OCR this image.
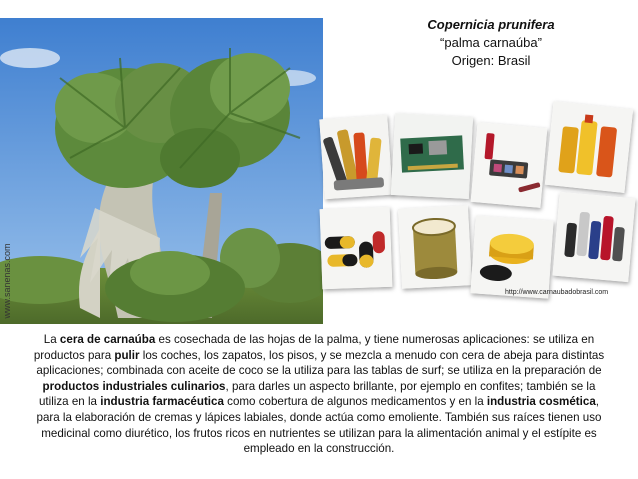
www.sanenas.com
Copernicia prunifera
“palma carnaúba”
Origen: Brasil
http://www.carnaubadobrasil.com
La cera de carnaúba es cosechada de las hojas de la palma, y tiene numerosas aplicaciones: se utiliza en productos para pulir los coches, los zapatos, los pisos, y se mezcla a menudo con cera de abeja para distintas aplicaciones; combinada con aceite de coco se la utiliza para las tablas de surf; se utiliza en la preparación de productos industriales culinarios, para darles un aspecto brillante, por ejemplo en confites; también se la utiliza en la industria farmacéutica como cobertura de algunos medicamentos y en la industria cosmética, para la elaboración de cremas y lápices labiales, donde actúa como emoliente. También sus raíces tienen uso medicinal como diurético, los frutos ricos en nutrientes se utilizan para la alimentación animal y el estípite es empleado en la construcción.
